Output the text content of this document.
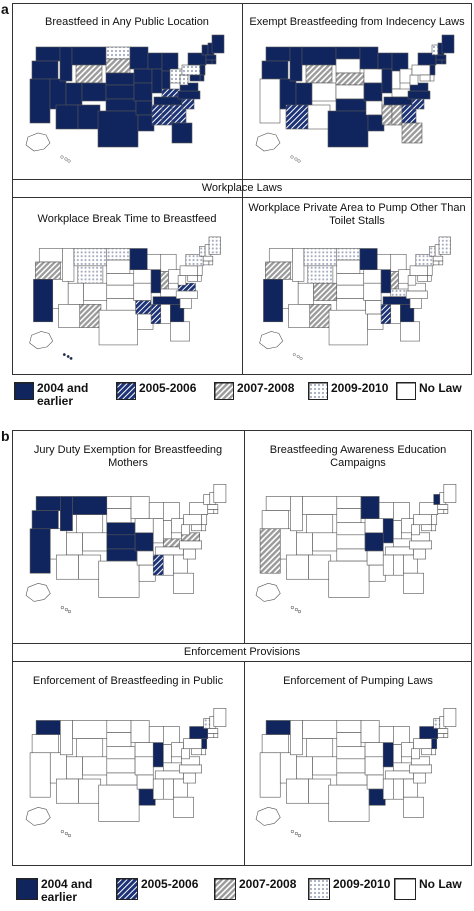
a
Breastfeed in Any Public Location	Exempt Breastfeeding from Indecency Laws
Workplace Laws
Workplace Break Time to Breastfeed
Workplace Private Area to Pump Other Than Toilet Stalls
2004 and earlier
2005-2006	2007-2008	2009-2010	No Law
b
Jury Duty Exemption for Breastfeeding Mothers
Breastfeeding Awareness Education Campaigns
Enforcement Provisions
Enforcement of Breastfeeding in Public	Enforcement of Pumping Laws
2004 and earlier
2005-2006	2007-2008	2009-2010 No Law
